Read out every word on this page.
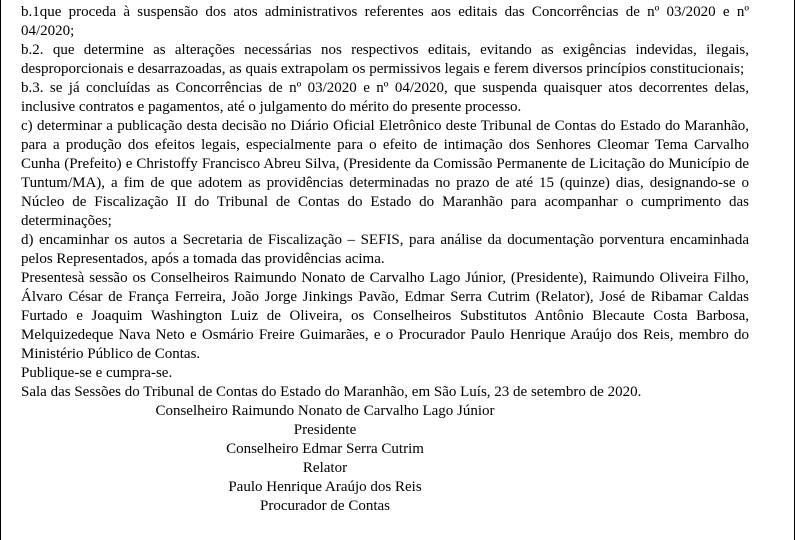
b.1que proceda à suspensão dos atos administrativos referentes aos editais das Concorrências de nº 03/2020 e nº 04/2020;

b.2. que determine as alterações necessárias nos respectivos editais, evitando as exigências indevidas, ilegais, desproporcionais e desarrazoadas, as quais extrapolam os permissivos legais e ferem diversos princípios constitucionais;

b.3. se já concluídas as Concorrências de nº 03/2020 e nº 04/2020, que suspenda quaisquer atos decorrentes delas, inclusive contratos e pagamentos, até o julgamento do mérito do presente processo.

c) determinar a publicação desta decisão no Diário Oficial Eletrônico deste Tribunal de Contas do Estado do Maranhão, para a produção dos efeitos legais, especialmente para o efeito de intimação dos Senhores Cleomar Tema Carvalho Cunha (Prefeito) e Christoffy Francisco Abreu Silva, (Presidente da Comissão Permanente de Licitação do Município de Tuntum/MA), a fim de que adotem as providências determinadas no prazo de até 15 (quinze) dias, designando-se o Núcleo de Fiscalização II do Tribunal de Contas do Estado do Maranhão para acompanhar o cumprimento das determinações;

d) encaminhar os autos a Secretaria de Fiscalização – SEFIS, para análise da documentação porventura encaminhada pelos Representados, após a tomada das providências acima.

Presentesà sessão os Conselheiros Raimundo Nonato de Carvalho Lago Júnior, (Presidente), Raimundo Oliveira Filho, Álvaro César de França Ferreira, João Jorge Jinkings Pavão, Edmar Serra Cutrim (Relator), José de Ribamar Caldas Furtado e Joaquim Washington Luiz de Oliveira, os Conselheiros Substitutos Antônio Blecaute Costa Barbosa, Melquizedeque Nava Neto e Osmário Freire Guimarães, e o Procurador Paulo Henrique Araújo dos Reis, membro do Ministério Público de Contas.

Publique-se e cumpra-se.

Sala das Sessões do Tribunal de Contas do Estado do Maranhão, em São Luís, 23 de setembro de 2020.

Conselheiro Raimundo Nonato de Carvalho Lago Júnior

Presidente

Conselheiro Edmar Serra Cutrim

Relator

Paulo Henrique Araújo dos Reis

Procurador de Contas
